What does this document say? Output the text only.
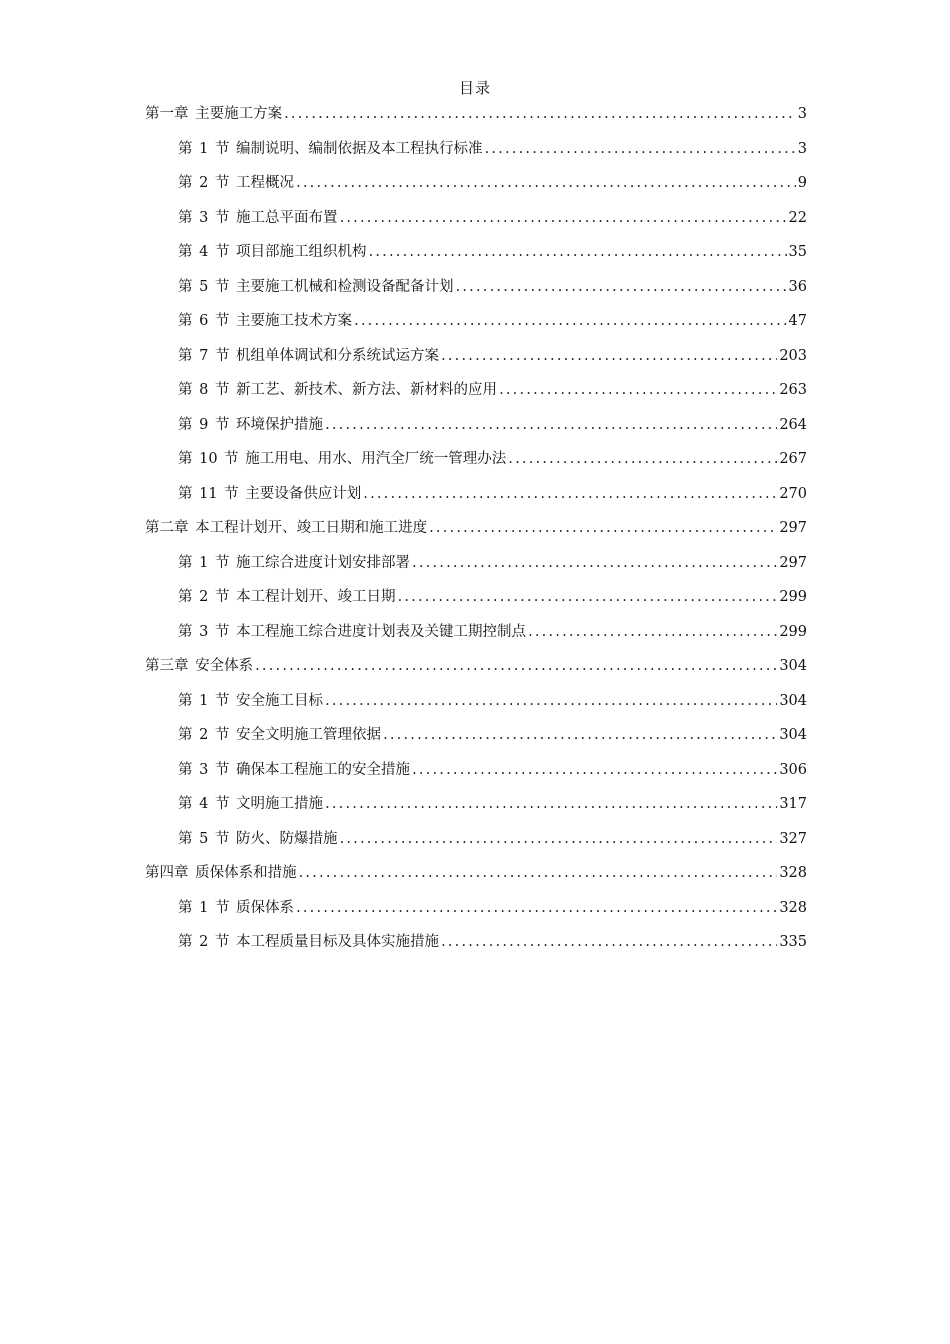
目录
第一章 主要施工方案 .....	3
第 1 节 编制说明、编制依据及本工程执行标准 .....	3
第 2 节 工程概况 .....	9
第 3 节 施工总平面布置 .....	22
第 4 节 项目部施工组织机构 .....	35
第 5 节 主要施工机械和检测设备配备计划 .....	36
第 6 节 主要施工技术方案 .....	47
第 7 节 机组单体调试和分系统试运方案 .....	203
第 8 节 新工艺、新技术、新方法、新材料的应用 .....	263
第 9 节 环境保护措施 .....	264
第 10 节 施工用电、用水、用汽全厂统一管理办法 .....	267
第 11 节 主要设备供应计划 .....	270
第二章 本工程计划开、竣工日期和施工进度 .....	297
第 1 节 施工综合进度计划安排部署 .....	297
第 2 节 本工程计划开、竣工日期 .....	299
第 3 节 本工程施工综合进度计划表及关键工期控制点 .....	299
第三章 安全体系 .....	304
第 1 节 安全施工目标 .....	304
第 2 节 安全文明施工管理依据 .....	304
第 3 节 确保本工程施工的安全措施 .....	306
第 4 节 文明施工措施 .....	317
第 5 节 防火、防爆措施 .....	327
第四章 质保体系和措施 .....	328
第 1 节 质保体系 .....	328
第 2 节 本工程质量目标及具体实施措施 .....	335
